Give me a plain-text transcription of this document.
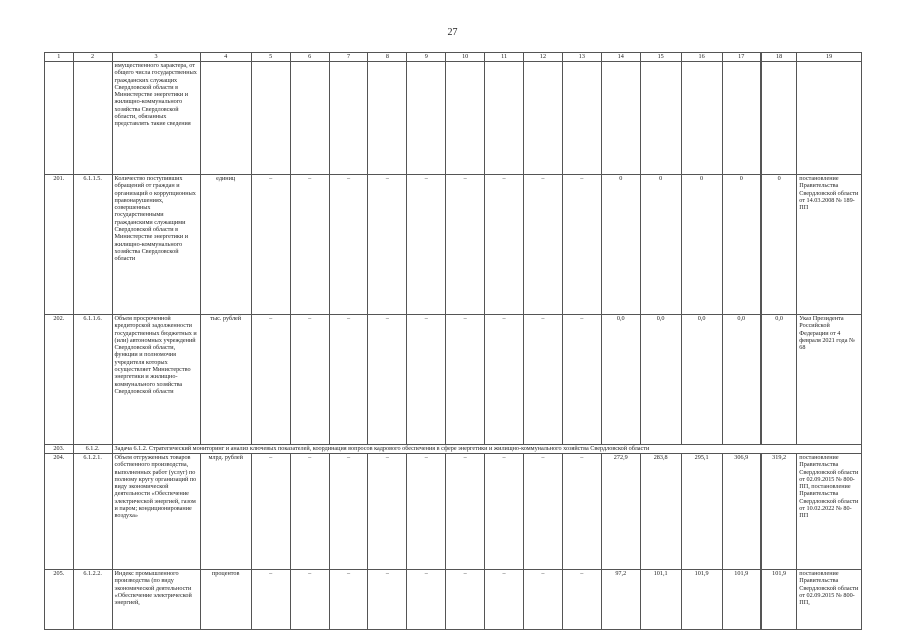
27
1	2	3	4	5	6	7	8	9	10	11	12	13	14	15	16	17	18	19
		имущественного характера, от общего числа государственных гражданских служащих Свердловской области в Министерстве энергетики и жилищно-коммунального хозяйства Свердловской области, обязанных представлять такие сведения																
201.	6.1.1.5.	Количество поступивших обращений от граждан и организаций о коррупционных правонарушениях, совершенных государственными гражданскими служащими Свердловской области в Министерстве энергетики и жилищно-коммунального хозяйства Свердловской области	единиц	–	–	–	–	–	–	–	–	–	0	0	0	0	0	постановление Правительства Свердловской области от 14.03.2008 № 189-ПП
202.	6.1.1.6.	Объем просроченной кредиторской задолженности государственных бюджетных и (или) автономных учреждений Свердловской области, функции и полномочия учредителя которых осуществляет Министерство энергетики и жилищно-коммунального хозяйства Свердловской области	тыс. рублей	–	–	–	–	–	–	–	–	–	0,0	0,0	0,0	0,0	0,0	Указ Президента Российской Федерации от 4 февраля 2021 года № 68
203.	6.1.2.	Задача 6.1.2. Стратегический мониторинг и анализ ключевых показателей, координация вопросов кадрового обеспечения в сфере энергетики и жилищно-коммунального хозяйства Свердловской области																
204.	6.1.2.1.	Объем отгруженных товаров собственного производства, выполненных работ (услуг) по полному кругу организаций по виду экономической деятельности «Обеспечение электрической энергией, газом и паром; кондиционирование воздуха»	млрд. рублей	–	–	–	–	–	–	–	–	–	272,9	283,8	295,1	306,9	319,2	постановление Правительства Свердловской области от 02.09.2015 № 800-ПП, постановление Правительства Свердловской области от 10.02.2022 № 80-ПП
205.	6.1.2.2.	Индекс промышленного производства (по виду экономической деятельности «Обеспечение электрической энергией,	процентов	–	–	–	–	–	–	–	–	–	97,2	101,1	101,9	101,9	101,9	постановление Правительства Свердловской области от 02.09.2015 № 800-ПП,
